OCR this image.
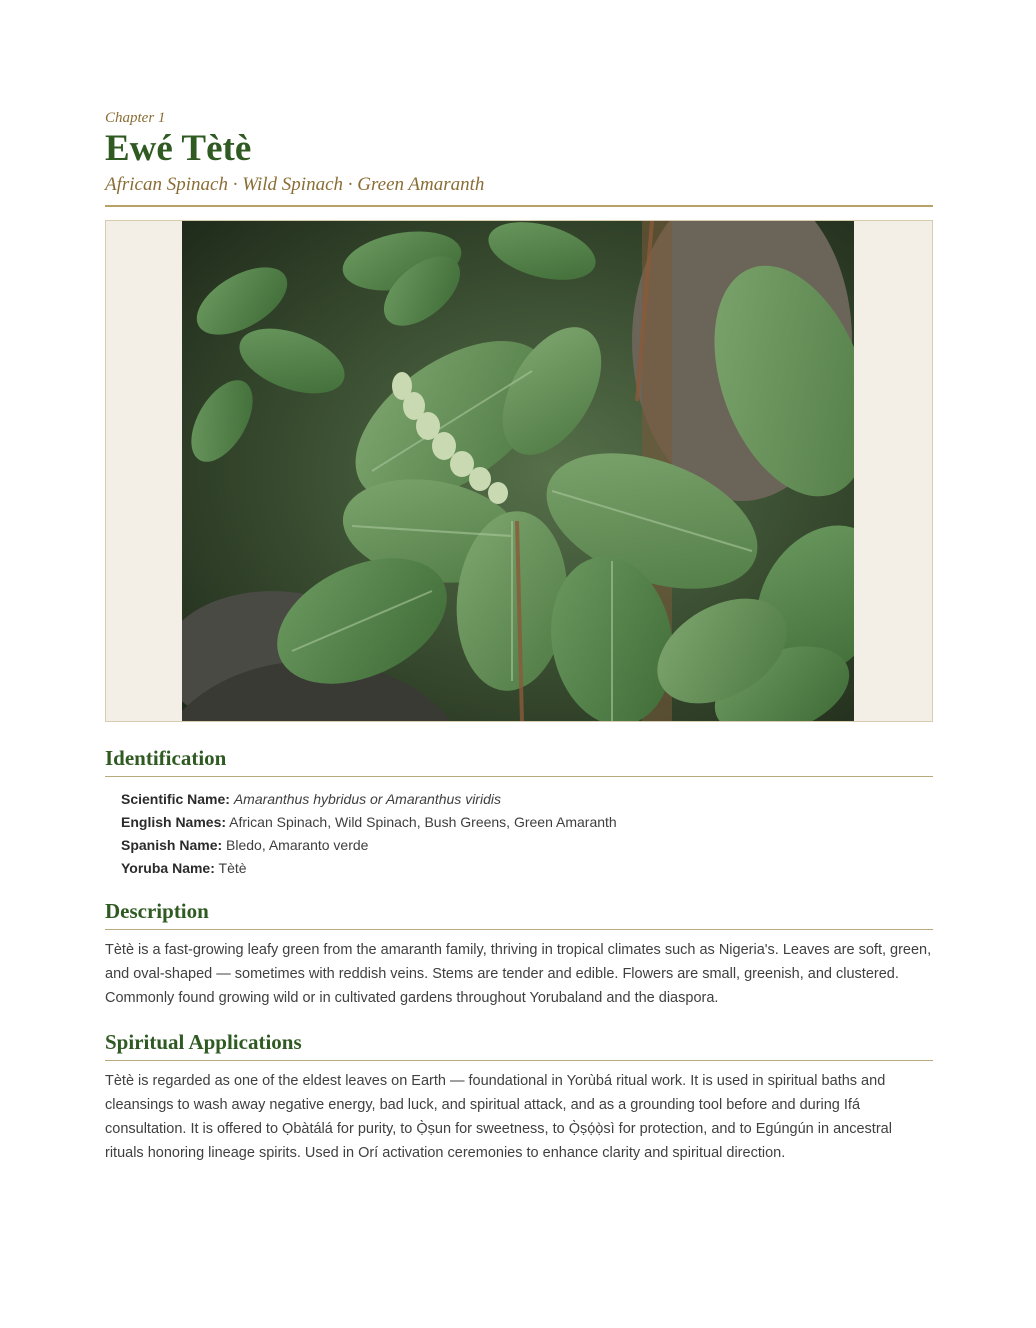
Chapter 1
Ewé Tètè
African Spinach · Wild Spinach · Green Amaranth
Identification
Scientific Name: Amaranthus hybridus or Amaranthus viridis
English Names: African Spinach, Wild Spinach, Bush Greens, Green Amaranth
Spanish Name: Bledo, Amaranto verde
Yoruba Name: Tètè
Description
Tètè is a fast-growing leafy green from the amaranth family, thriving in tropical climates such as Nigeria's. Leaves are soft, green, and oval-shaped — sometimes with reddish veins. Stems are tender and edible. Flowers are small, greenish, and clustered. Commonly found growing wild or in cultivated gardens throughout Yorubaland and the diaspora.
Spiritual Applications
Tètè is regarded as one of the eldest leaves on Earth — foundational in Yorùbá ritual work. It is used in spiritual baths and cleansings to wash away negative energy, bad luck, and spiritual attack, and as a grounding tool before and during Ifá consultation. It is offered to Ọbàtálá for purity, to Ọ̀ṣun for sweetness, to Ọ̀ṣọ́ọ̀sì for protection, and to Egúngún in ancestral rituals honoring lineage spirits. Used in Orí activation ceremonies to enhance clarity and spiritual direction.
